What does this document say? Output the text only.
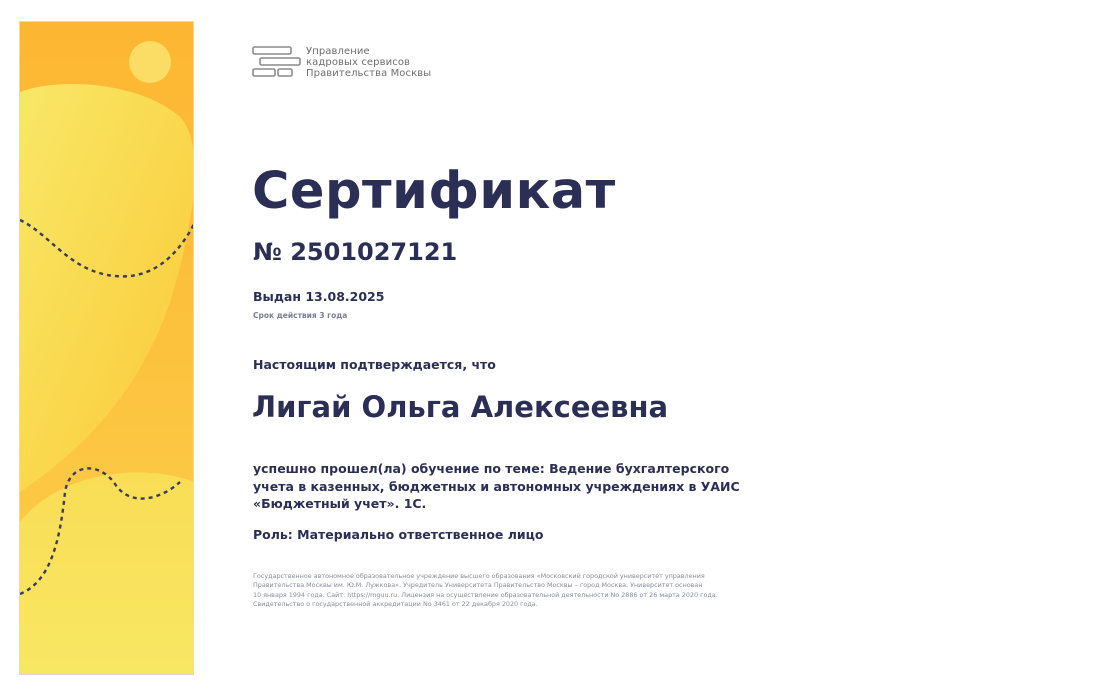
Управление
кадровых сервисов
Правительства Москвы
Сертификат
№ 2501027121
Выдан 13.08.2025
Срок действия 3 года
Настоящим подтверждается, что
Лигай Ольга Алексеевна
успешно прошел(ла) обучение по теме: Ведение бухгалтерского
учета в казенных, бюджетных и автономных учреждениях в УАИС
«Бюджетный учет». 1С.
Роль: Материально ответственное лицо
Государственное автономное образовательное учреждение высшего образования «Московский городской университет управления
Правительства Москвы им. Ю.М. Лужкова». Учредитель Университета Правительство Москвы – город Москва. Университет основан
10 января 1994 года. Сайт: https://mguu.ru. Лицензия на осуществление образовательной деятельности No 2886 от 26 марта 2020 года.
Свидетельство о государственной аккредитации No 3461 от 22 декабря 2020 года.
